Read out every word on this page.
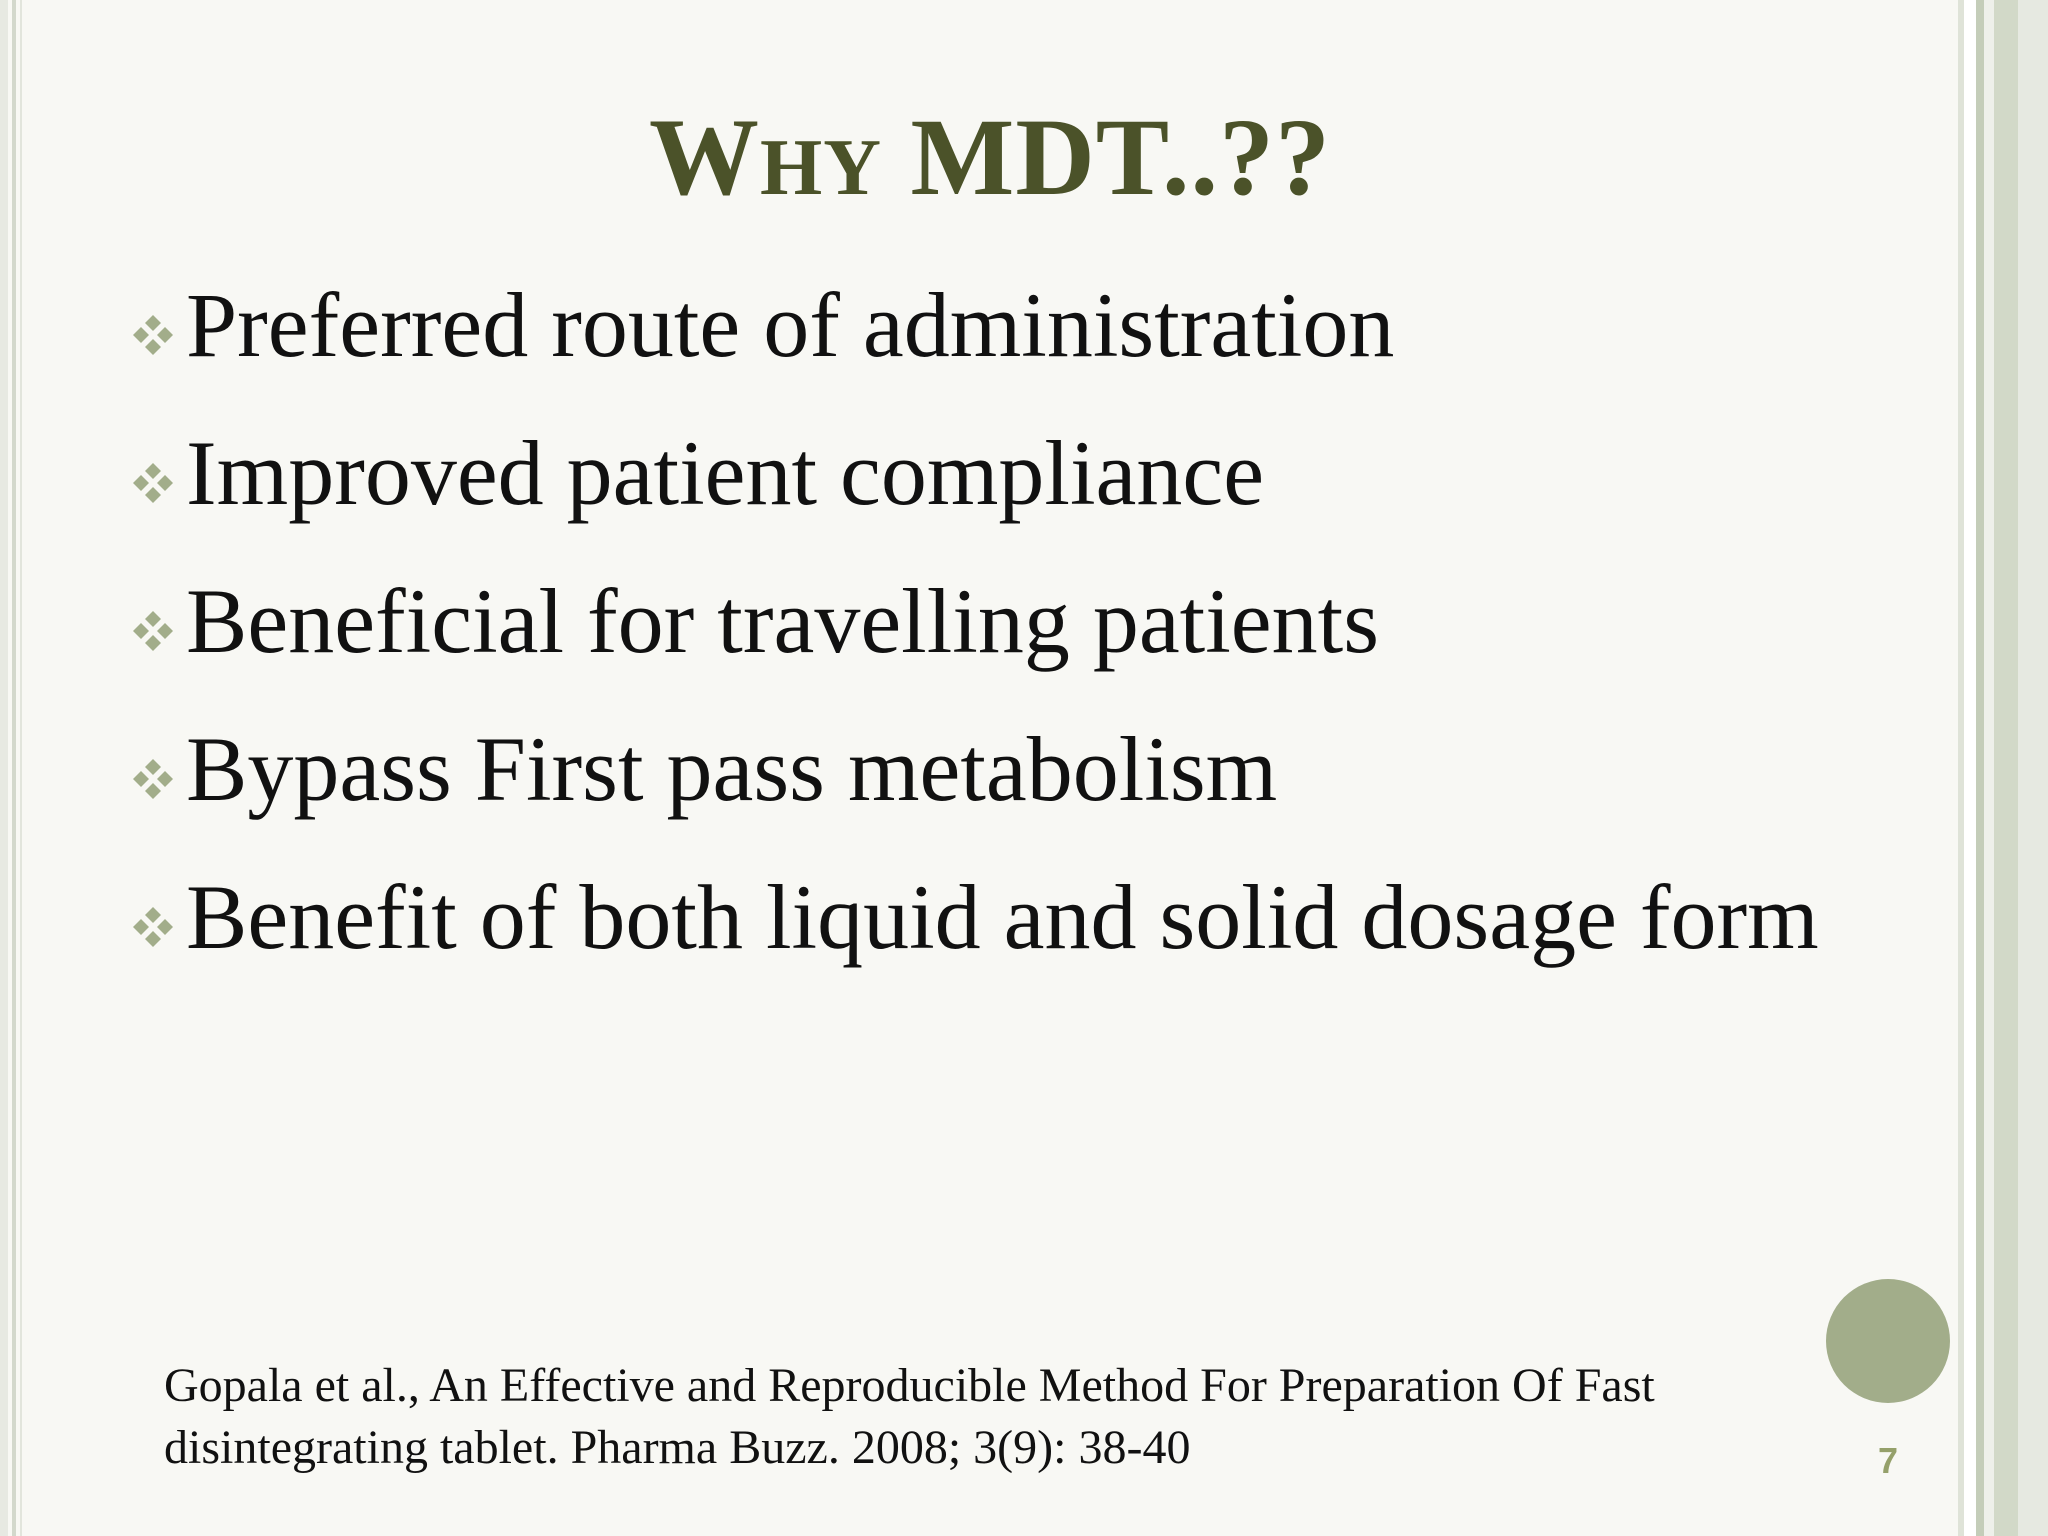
WHY MDT..??
Preferred route of administration
Improved patient compliance
Beneficial for travelling patients
Bypass First pass metabolism
Benefit of both liquid and solid dosage form
Gopala et al., An Effective and Reproducible Method For Preparation Of Fast
disintegrating tablet. Pharma Buzz. 2008; 3(9): 38-40	7
